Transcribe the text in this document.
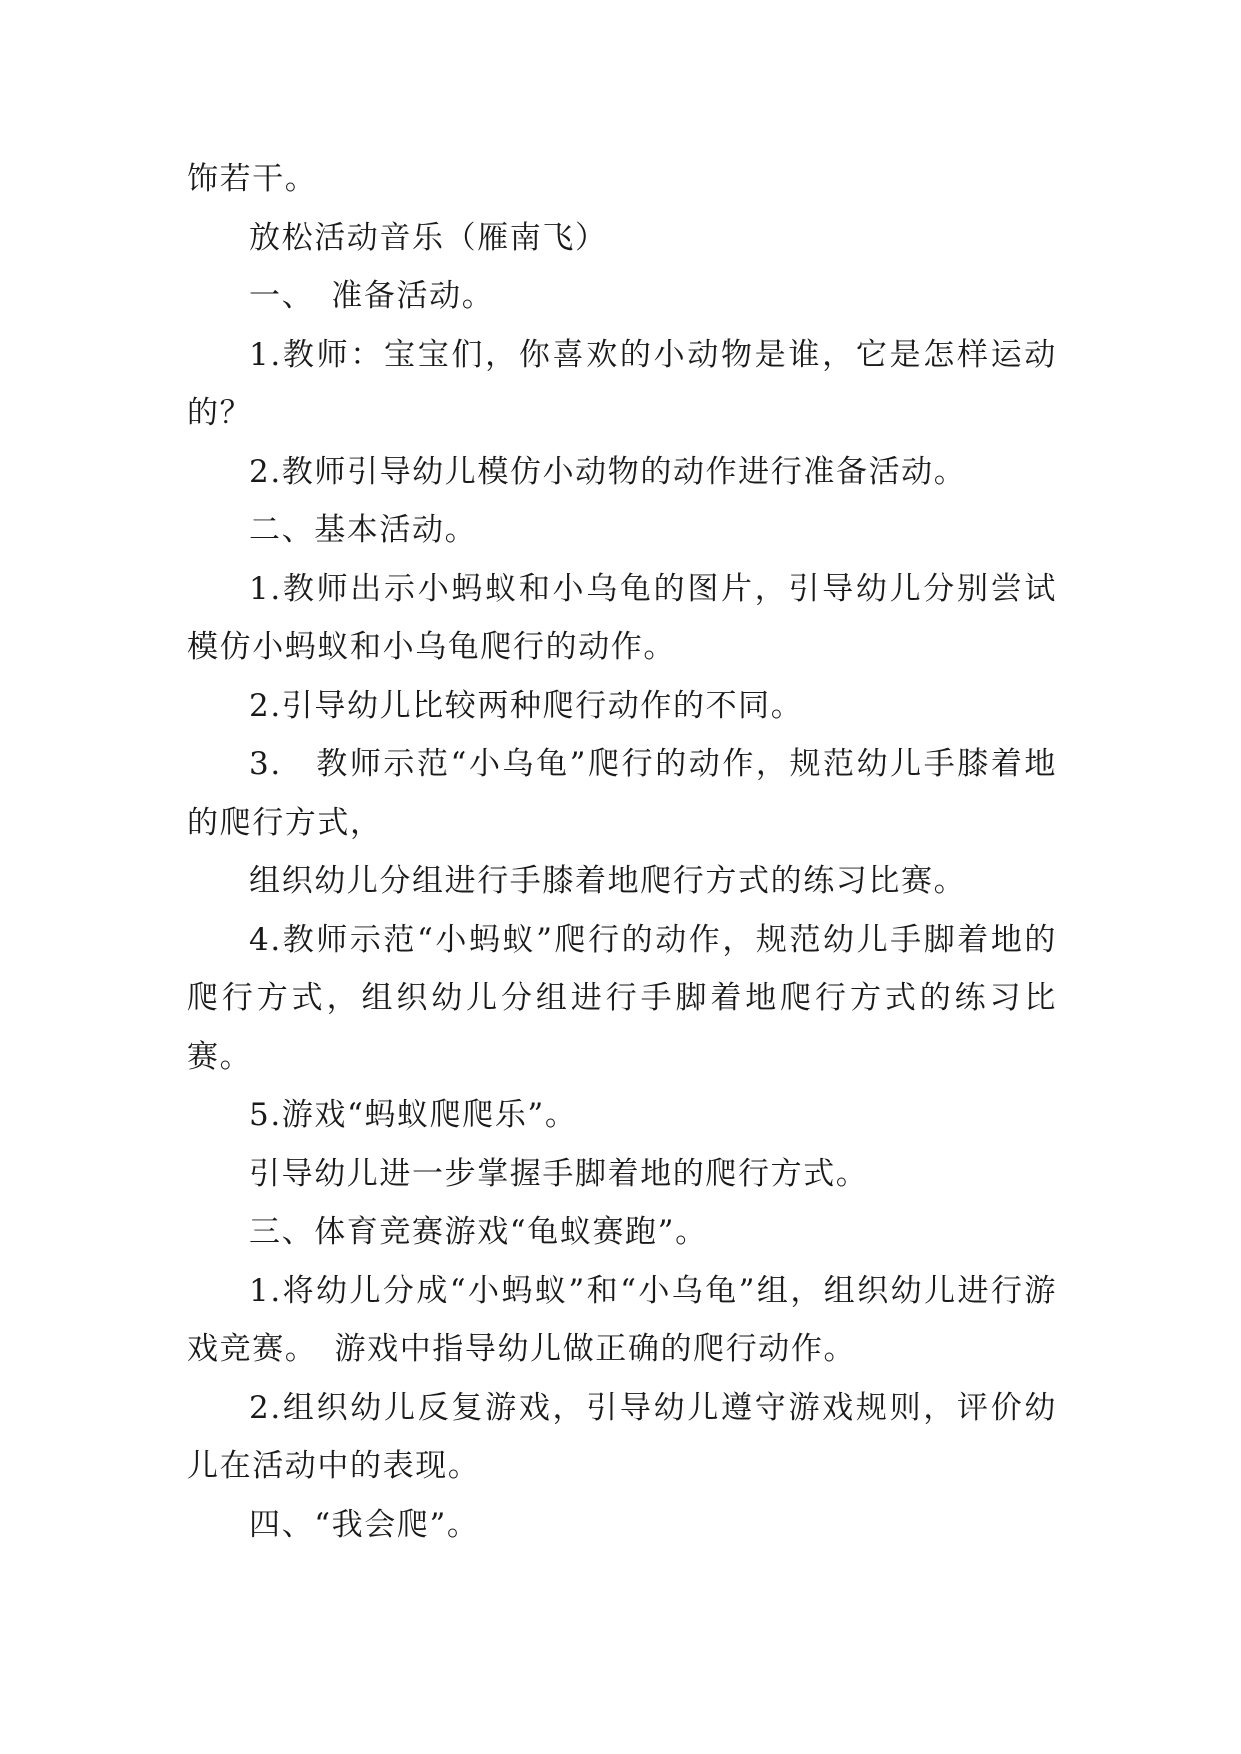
饰若干。

放松活动音乐（雁南飞）

一、　准备活动。

1.教师：宝宝们，你喜欢的小动物是谁，它是怎样运动的？

2.教师引导幼儿模仿小动物的动作进行准备活动。

二、基本活动。

1.教师出示小蚂蚁和小乌龟的图片，引导幼儿分别尝试模仿小蚂蚁和小乌龟爬行的动作。

2.引导幼儿比较两种爬行动作的不同。

3.　教师示范“小乌龟”爬行的动作，规范幼儿手膝着地的爬行方式，

组织幼儿分组进行手膝着地爬行方式的练习比赛。

4.教师示范“小蚂蚁”爬行的动作，规范幼儿手脚着地的爬行方式，组织幼儿分组进行手脚着地爬行方式的练习比赛。

5.游戏“蚂蚁爬爬乐”。

引导幼儿进一步掌握手脚着地的爬行方式。

三、体育竞赛游戏“龟蚁赛跑”。

1.将幼儿分成“小蚂蚁”和“小乌龟”组，组织幼儿进行游戏竞赛。　游戏中指导幼儿做正确的爬行动作。

2.组织幼儿反复游戏，引导幼儿遵守游戏规则，评价幼儿在活动中的表现。

四、“我会爬”。
